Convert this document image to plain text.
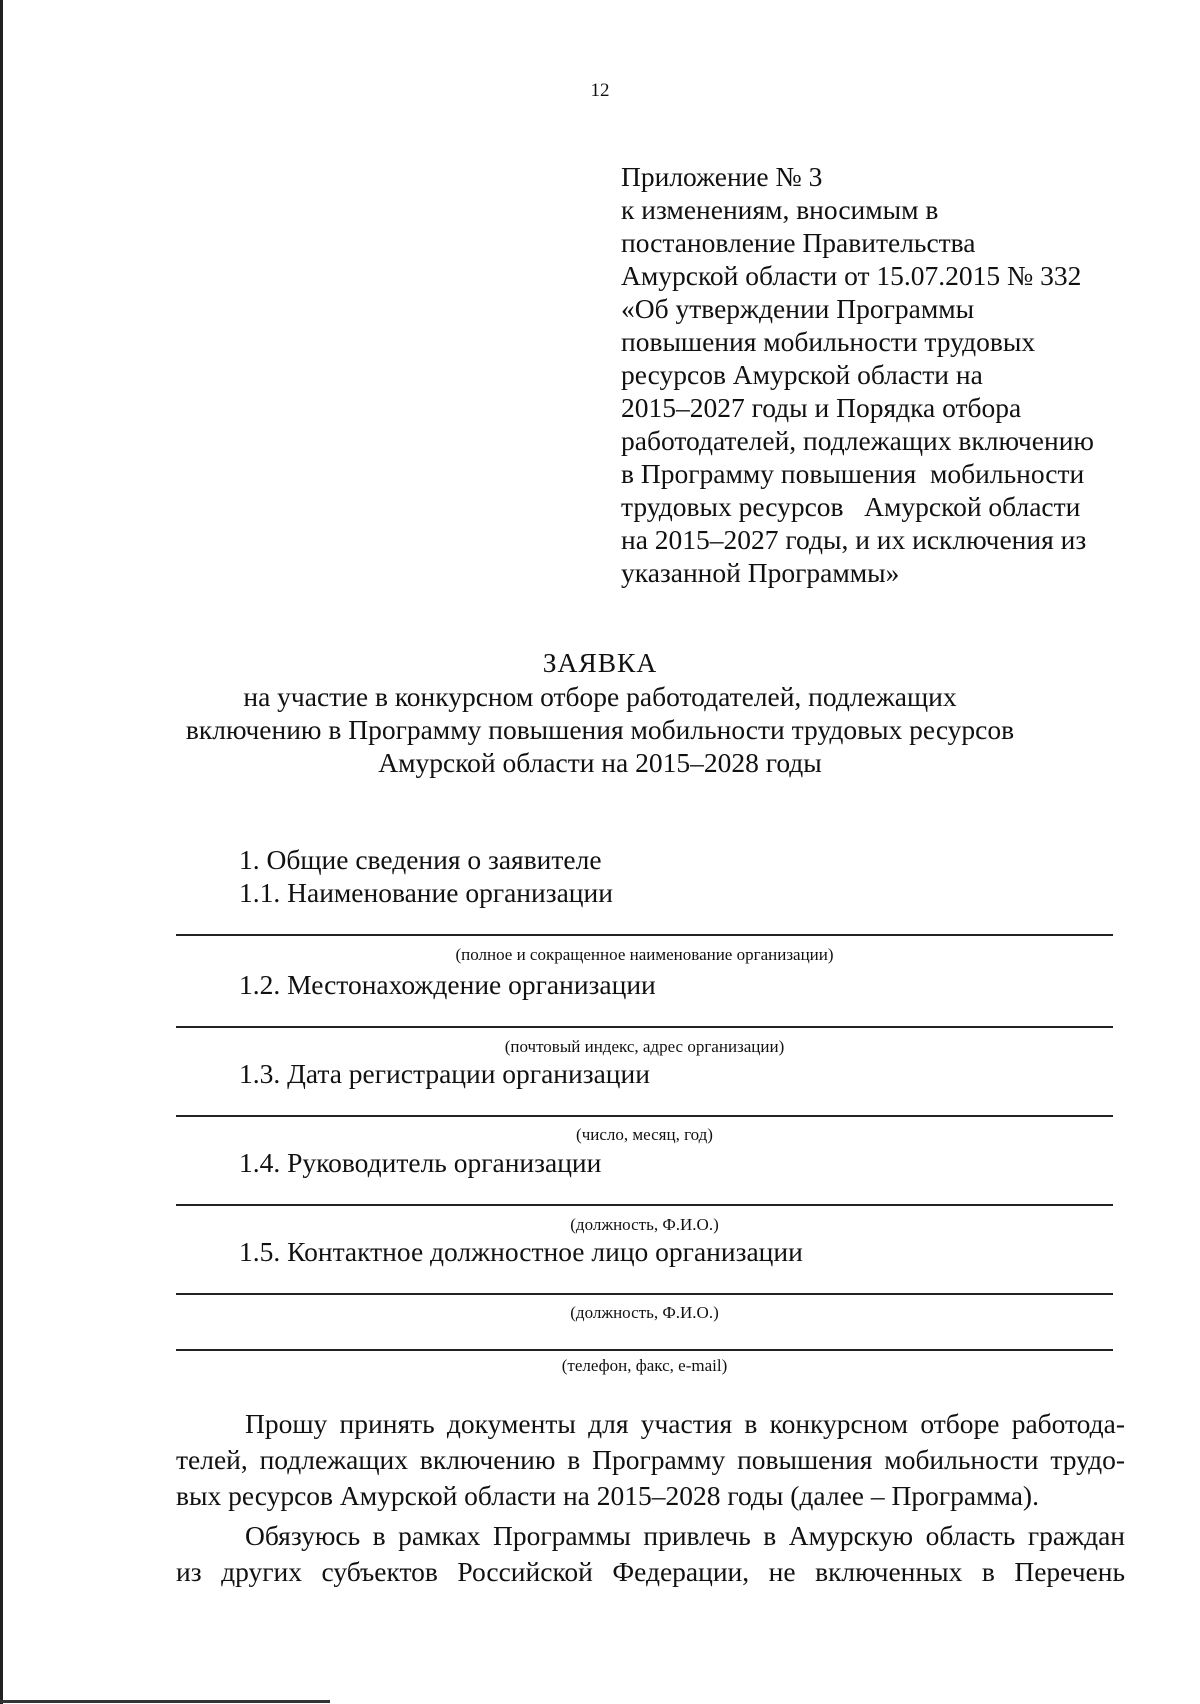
12
Приложение № 3
к изменениям, вносимым в
постановление Правительства
Амурской области от 15.07.2015 № 332
«Об утверждении Программы
повышения мобильности трудовых
ресурсов Амурской области на
2015–2027 годы и Порядка отбора
работодателей, подлежащих включению
в Программу повышения  мобильности
трудовых ресурсов   Амурской области
на 2015–2027 годы, и их исключения из
указанной Программы»
ЗАЯВКА
на участие в конкурсном отборе работодателей, подлежащих
включению в Программу повышения мобильности трудовых ресурсов
Амурской области на 2015–2028 годы
1. Общие сведения о заявителе
1.1. Наименование организации
(полное и сокращенное наименование организации)
1.2. Местонахождение организации
(почтовый индекс, адрес организации)
1.3. Дата регистрации организации
(число, месяц, год)
1.4. Руководитель организации
(должность, Ф.И.О.)
1.5. Контактное должностное лицо организации
(должность, Ф.И.О.)
(телефон, факс, e-mail)
Прошу принять документы для участия в конкурсном отборе работода-
телей, подлежащих включению в Программу повышения мобильности трудо-
вых ресурсов Амурской области на 2015–2028 годы (далее – Программа).
Обязуюсь в рамках Программы привлечь в Амурскую область граждан
из других субъектов Российской Федерации, не включенных в Перечень
